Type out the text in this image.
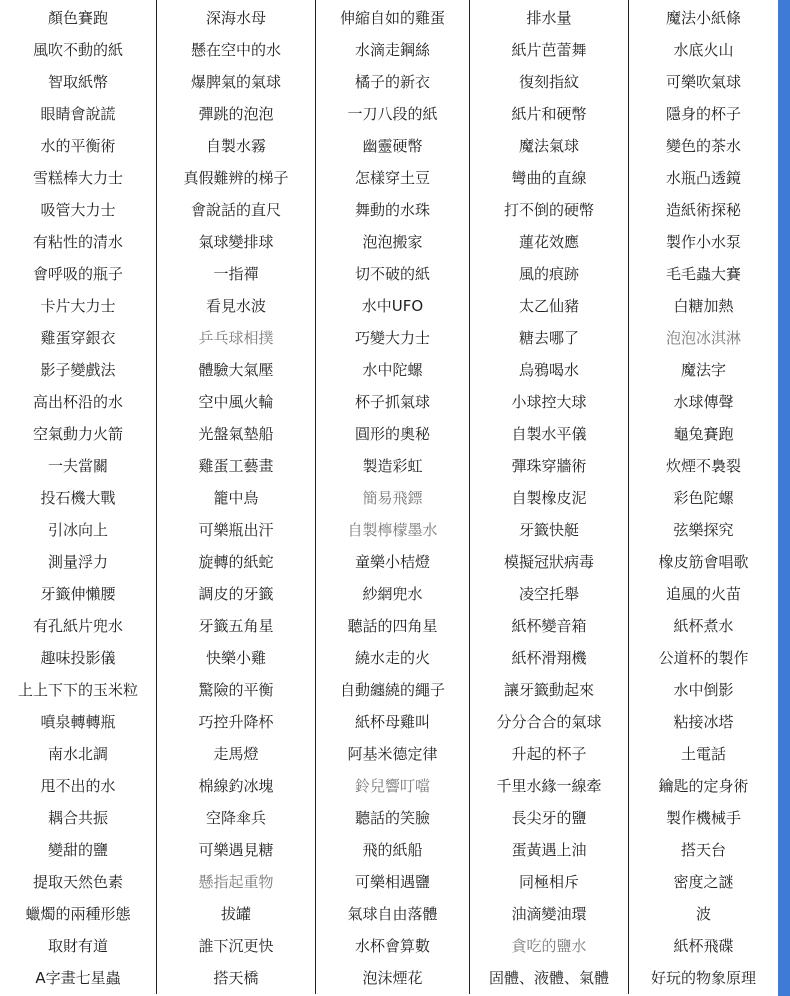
顏色賽跑	深海水母	伸縮自如的雞蛋	排水量	魔法小紙條
風吹不動的紙	懸在空中的水	水滴走鋼絲	紙片芭蕾舞	水底火山
智取紙幣	爆脾氣的氣球	橘子的新衣	復刻指紋	可樂吹氣球
眼睛會說謊	彈跳的泡泡	一刀八段的紙	紙片和硬幣	隱身的杯子
水的平衡術	自製水霧	幽靈硬幣	魔法氣球	變色的茶水
雪糕棒大力士	真假難辨的梯子	怎樣穿土豆	彎曲的直線	水瓶凸透鏡
吸管大力士	會說話的直尺	舞動的水珠	打不倒的硬幣	造紙術探秘
有粘性的清水	氣球變排球	泡泡搬家	蓮花效應	製作小水泵
會呼吸的瓶子	一指禪	切不破的紙	風的痕跡	毛毛蟲大賽
卡片大力士	看見水波	水中UFO	太乙仙豬	白糖加熱
雞蛋穿銀衣	乒乓球相撲	巧變大力士	糖去哪了	泡泡冰淇淋
影子變戲法	體驗大氣壓	水中陀螺	烏鴉喝水	魔法字
高出杯沿的水	空中風火輪	杯子抓氣球	小球控大球	水球傳聲
空氣動力火箭	光盤氣墊船	圓形的奧秘	自製水平儀	龜兔賽跑
一夫當關	雞蛋工藝畫	製造彩虹	彈珠穿牆術	炊煙不裊裂
投石機大戰	籠中鳥	簡易飛鏢	自製橡皮泥	彩色陀螺
引冰向上	可樂瓶出汗	自製檸檬墨水	牙籤快艇	弦樂探究
測量浮力	旋轉的紙蛇	童樂小桔燈	模擬冠狀病毒	橡皮筋會唱歌
牙籤伸懶腰	調皮的牙籤	紗網兜水	凌空托舉	追風的火苗
有孔紙片兜水	牙籤五角星	聽話的四角星	紙杯變音箱	紙杯煮水
趣味投影儀	快樂小雞	繞水走的火	紙杯滑翔機	公道杯的製作
上上下下的玉米粒	驚險的平衡	自動纏繞的繩子	讓牙籤動起來	水中倒影
噴泉轉轉瓶	巧控升降杯	紙杯母雞叫	分分合合的氣球	粘接冰塔
南水北調	走馬燈	阿基米德定律	升起的杯子	土電話
甩不出的水	棉線釣冰塊	鈴兒響叮噹	千里水緣一線牽	鑰匙的定身術
耦合共振	空降傘兵	聽話的笑臉	長尖牙的鹽	製作機械手
變甜的鹽	可樂遇見糖	飛的紙船	蛋黃遇上油	搭天台
提取天然色素	懸指起重物	可樂相遇鹽	同極相斥	密度之謎
蠟燭的兩種形態	拔罐	氣球自由落體	油滴變油環	波
取財有道	誰下沉更快	水杯會算數	貪吃的鹽水	紙杯飛碟
A字畫七星蟲	搭天橋	泡沫煙花	固體、液體、氣體	好玩的物象原理
